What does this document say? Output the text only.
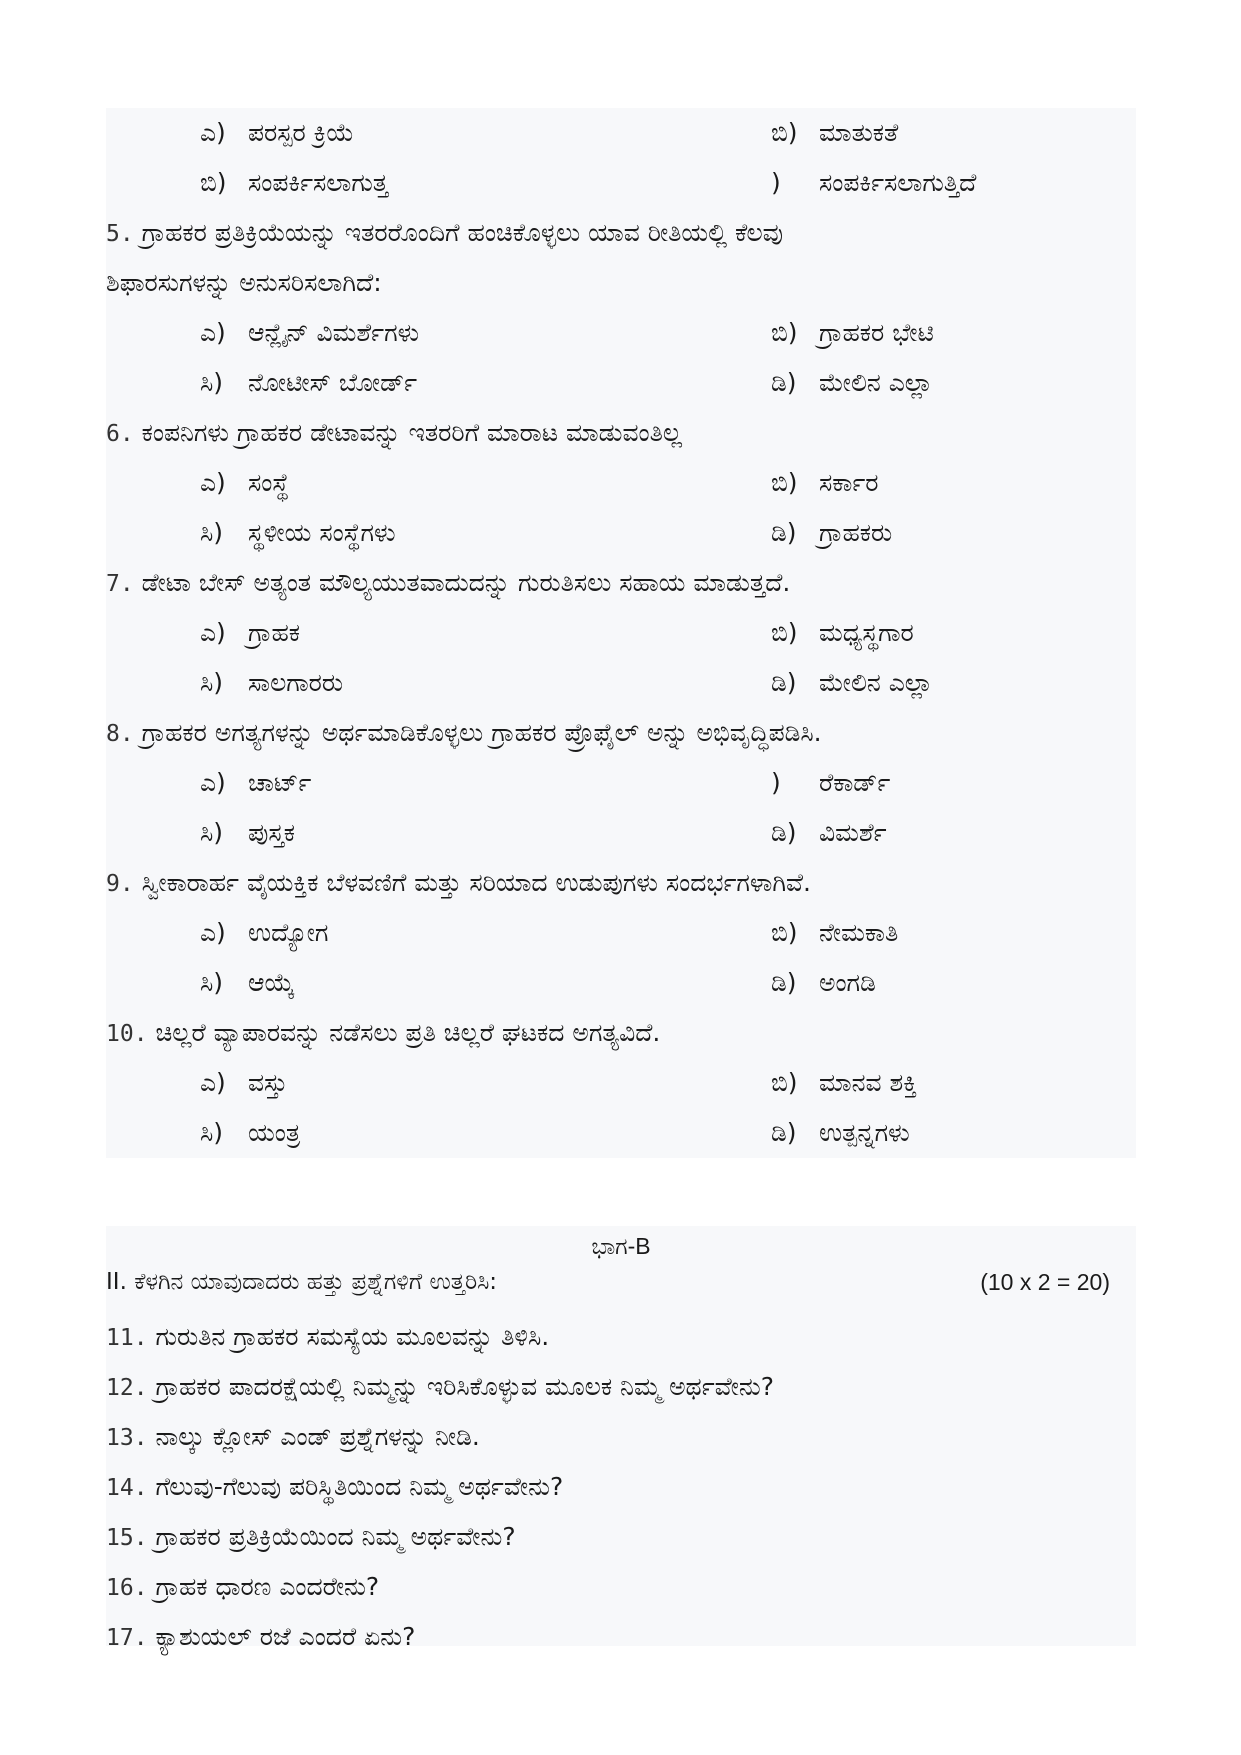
ಎ) ಪರಸ್ಪರ ಕ್ರಿಯೆ	ಬಿ) ಮಾತುಕತೆ
ಬಿ) ಸಂಪರ್ಕಿಸಲಾಗುತ್ತ	) ಸಂಪರ್ಕಿಸಲಾಗುತ್ತಿದೆ
5. ಗ್ರಾಹಕರ ಪ್ರತಿಕ್ರಿಯೆಯನ್ನು ಇತರರೊಂದಿಗೆ ಹಂಚಿಕೊಳ್ಳಲು ಯಾವ ರೀತಿಯಲ್ಲಿ ಕೆಲವು
ಶಿಫಾರಸುಗಳನ್ನು ಅನುಸರಿಸಲಾಗಿದೆ:
ಎ) ಆನ್ಲೈನ್ ವಿಮರ್ಶೆಗಳು	ಬಿ) ಗ್ರಾಹಕರ ಭೇಟಿ
ಸಿ) ನೋಟೀಸ್ ಬೋರ್ಡ್	ಡಿ) ಮೇಲಿನ ಎಲ್ಲಾ
6. ಕಂಪನಿಗಳು ಗ್ರಾಹಕರ ಡೇಟಾವನ್ನು ಇತರರಿಗೆ ಮಾರಾಟ ಮಾಡುವಂತಿಲ್ಲ
ಎ) ಸಂಸ್ಥೆ	ಬಿ) ಸರ್ಕಾರ
ಸಿ) ಸ್ಥಳೀಯ ಸಂಸ್ಥೆಗಳು	ಡಿ) ಗ್ರಾಹಕರು
7. ಡೇಟಾ ಬೇಸ್ ಅತ್ಯಂತ ಮೌಲ್ಯಯುತವಾದುದನ್ನು ಗುರುತಿಸಲು ಸಹಾಯ ಮಾಡುತ್ತದೆ.
ಎ) ಗ್ರಾಹಕ	ಬಿ) ಮಧ್ಯಸ್ಥಗಾರ
ಸಿ) ಸಾಲಗಾರರು	ಡಿ) ಮೇಲಿನ ಎಲ್ಲಾ
8. ಗ್ರಾಹಕರ ಅಗತ್ಯಗಳನ್ನು ಅರ್ಥಮಾಡಿಕೊಳ್ಳಲು ಗ್ರಾಹಕರ ಪ್ರೊಫೈಲ್ ಅನ್ನು ಅಭಿವೃದ್ಧಿಪಡಿಸಿ.
ಎ) ಚಾರ್ಟ್	) ರೆಕಾರ್ಡ್
ಸಿ) ಪುಸ್ತಕ	ಡಿ) ವಿಮರ್ಶೆ
9. ಸ್ವೀಕಾರಾರ್ಹ ವೈಯಕ್ತಿಕ ಬೆಳವಣಿಗೆ ಮತ್ತು ಸರಿಯಾದ ಉಡುಪುಗಳು ಸಂದರ್ಭಗಳಾಗಿವೆ.
ಎ) ಉದ್ಯೋಗ	ಬಿ) ನೇಮಕಾತಿ
ಸಿ) ಆಯ್ಕೆ	ಡಿ) ಅಂಗಡಿ
10. ಚಿಲ್ಲರೆ ವ್ಯಾಪಾರವನ್ನು ನಡೆಸಲು ಪ್ರತಿ ಚಿಲ್ಲರೆ ಘಟಕದ ಅಗತ್ಯವಿದೆ.
ಎ) ವಸ್ತು	ಬಿ) ಮಾನವ ಶಕ್ತಿ
ಸಿ) ಯಂತ್ರ	ಡಿ) ಉತ್ಪನ್ನಗಳು
ಭಾಗ-B
II. ಕೆಳಗಿನ ಯಾವುದಾದರು ಹತ್ತು ಪ್ರಶ್ನೆಗಳಿಗೆ ಉತ್ತರಿಸಿ:	(10 x 2 = 20)
11. ಗುರುತಿನ ಗ್ರಾಹಕರ ಸಮಸ್ಯೆಯ ಮೂಲವನ್ನು ತಿಳಿಸಿ.
12. ಗ್ರಾಹಕರ ಪಾದರಕ್ಷೆಯಲ್ಲಿ ನಿಮ್ಮನ್ನು ಇರಿಸಿಕೊಳ್ಳುವ ಮೂಲಕ ನಿಮ್ಮ ಅರ್ಥವೇನು?
13. ನಾಲ್ಕು ಕ್ಲೋಸ್ ಎಂಡ್ ಪ್ರಶ್ನೆಗಳನ್ನು ನೀಡಿ.
14. ಗೆಲುವು-ಗೆಲುವು ಪರಿಸ್ಥಿತಿಯಿಂದ ನಿಮ್ಮ ಅರ್ಥವೇನು?
15. ಗ್ರಾಹಕರ ಪ್ರತಿಕ್ರಿಯೆಯಿಂದ ನಿಮ್ಮ ಅರ್ಥವೇನು?
16. ಗ್ರಾಹಕ ಧಾರಣ ಎಂದರೇನು?
17. ಕ್ಯಾಶುಯಲ್ ರಜೆ ಎಂದರೆ ಏನು?
